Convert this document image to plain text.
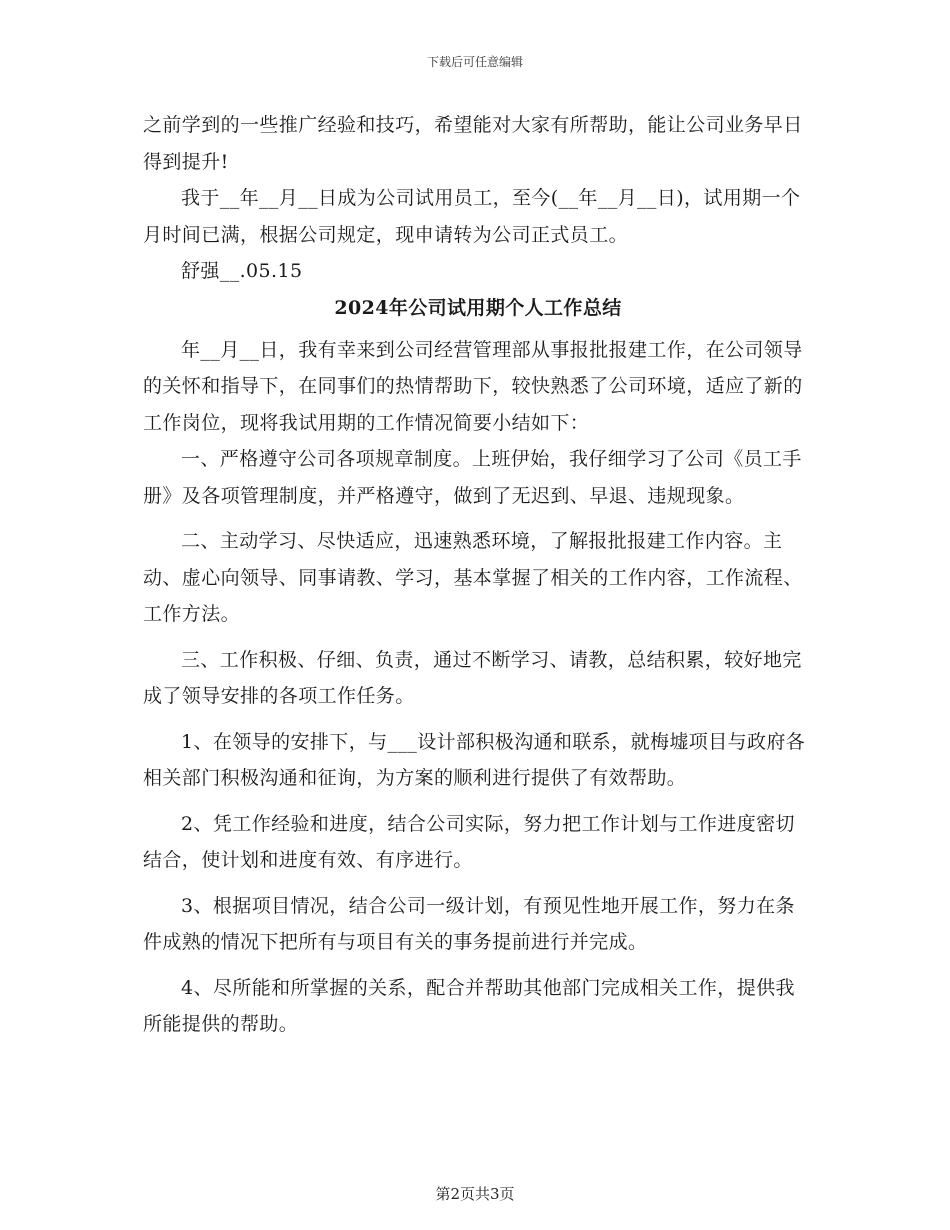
下载后可任意编辑

之前学到的一些推广经验和技巧，希望能对大家有所帮助，能让公司业务早日得到提升!

我于__年__月__日成为公司试用员工，至今(__年__月__日)，试用期一个月时间已满，根据公司规定，现申请转为公司正式员工。

舒强__.05.15

2024年公司试用期个人工作总结

年__月__日，我有幸来到公司经营管理部从事报批报建工作，在公司领导的关怀和指导下，在同事们的热情帮助下，较快熟悉了公司环境，适应了新的工作岗位，现将我试用期的工作情况简要小结如下：

一、严格遵守公司各项规章制度。上班伊始，我仔细学习了公司《员工手册》及各项管理制度，并严格遵守，做到了无迟到、早退、违规现象。

二、主动学习、尽快适应，迅速熟悉环境，了解报批报建工作内容。主动、虚心向领导、同事请教、学习，基本掌握了相关的工作内容，工作流程、工作方法。

三、工作积极、仔细、负责，通过不断学习、请教，总结积累，较好地完成了领导安排的各项工作任务。

1、在领导的安排下，与___设计部积极沟通和联系，就梅墟项目与政府各相关部门积极沟通和征询，为方案的顺利进行提供了有效帮助。

2、凭工作经验和进度，结合公司实际，努力把工作计划与工作进度密切结合，使计划和进度有效、有序进行。

3、根据项目情况，结合公司一级计划，有预见性地开展工作，努力在条件成熟的情况下把所有与项目有关的事务提前进行并完成。

4、尽所能和所掌握的关系，配合并帮助其他部门完成相关工作，提供我所能提供的帮助。

第2页共3页
